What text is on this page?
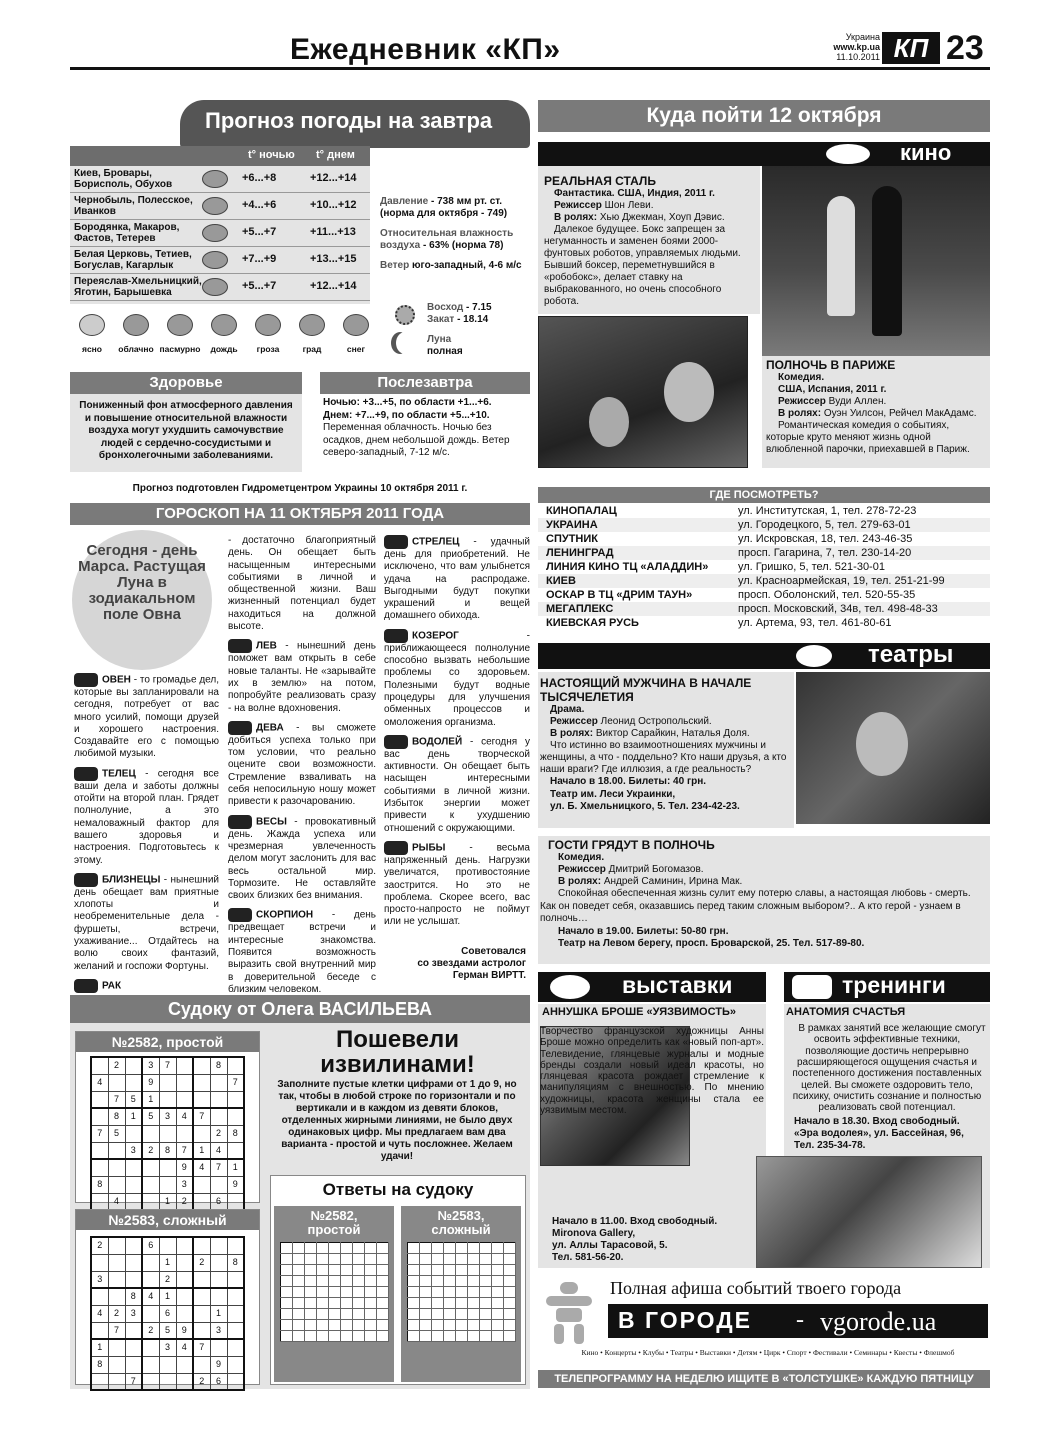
Ежедневник «КП»	Украина
www.kp.ua
11.10.2011 КП 23
Прогноз погоды на завтра
t° ночью t° днем
Киев, Бровары, Борисполь, Обухов
+6...+8	+12...+14
Чернобыль, Полесское, Иванков
+4...+6	+10...+12
Бородянка, Макаров, Фастов, Тетерев
+5...+7	+11...+13
Белая Церковь, Тетиев, Богуслав, Кагарлык
+7...+9	+13...+15
Переяслав-Хмельницкий, Яготин, Барышевка
+5...+7	+12...+14

Давление - 738 мм рт. ст. (норма для октября - 749)

Относительная влажность воздуха - 63% (норма 78)

Ветер юго-западный, 4-6 м/с

Восход - 7.15
Закат - 18.14
Луна
полная
ясно	облачно пасмурно	дождь	гроза	град	снег
Здоровье

Пониженный фон атмосферного давления и повышение относительной влажности воздуха могут ухудшить самочувствие людей с сердечно-сосудистыми и бронхолегочными заболеваниями.

Послезавтра
Ночью: +3...+5, по области +1...+6.
Днем: +7...+9, по области +5...+10.
Переменная облачность. Ночью без осадков, днем небольшой дождь. Ветер северо-западный, 7-12 м/с.
Прогноз подготовлен Гидрометцентром Украины 10 октября 2011 г.
ГОРОСКОП НА 11 ОКТЯБРЯ 2011 ГОДА
Сегодня - день Марса. Растущая Луна в зодиакальном поле Овна

ОВЕН - то громадье дел, которые вы запланировали на сегодня, потребует от вас много усилий, помощи друзей и хорошего настроения. Создавайте его с помощью любимой музыки.

ТЕЛЕЦ - сегодня все ваши дела и заботы должны отойти на второй план. Грядет полнолуние, а это немаловажный фактор для вашего здоровья и настроения. Подготовьтесь к этому.

БЛИЗНЕЦЫ - нынешний день обещает вам приятные хлопоты и необременительные дела - фуршеты, встречи, ухаживание... Отдайтесь на волю своих фантазий, желаний и госпожи Фортуны.

РАК

- достаточно благоприятный день. Он обещает быть насыщенным интересными событиями в личной и общественной жизни. Ваш жизненный потенциал будет находиться на должной высоте.

ЛЕВ - нынешний день поможет вам открыть в себе новые таланты. Не «зарывайте их в землю» на потом, попробуйте реализовать сразу - на волне вдохновения.

ДЕВА - вы сможете добиться успеха только при том условии, что реально оцените свои возможности. Стремление взваливать на себя непосильную ношу может привести к разочарованию.

ВЕСЫ - провокативный день. Жажда успеха или чрезмерная увлеченность делом могут заслонить для вас весь остальной мир. Тормозите. Не оставляйте своих близких без внимания.

СКОРПИОН - день предвещает встречи и интересные знакомства. Появится возможность выразить свой внутренний мир в доверительной беседе с близким человеком.

СТРЕЛЕЦ - удачный день для приобретений. Не исключено, что вам улыбнется удача на распродаже. Выгодными будут покупки украшений и вещей домашнего обихода.

КОЗЕРОГ	- приближающееся полнолуние способно вызвать небольшие проблемы со здоровьем. Полезными будут водные процедуры для улучшения обменных процессов и омоложения организма.

ВОДОЛЕЙ - сегодня у вас день творческой активности. Он обещает быть насыщен интересными событиями в личной жизни. Избыток энергии может привести к ухудшению отношений с окружающими.

РЫБЫ - весьма напряженный день. Нагрузки увеличатся, противостояние заострится. Но это не проблема. Скорее всего, вас просто-напросто не поймут или не услышат.

Советовался
со звездами астролог
Герман ВИРТТ.
Судоку от Олега ВАСИЛЬЕВА
№2582, простой
	2		3	7			8	
4			9					7
	7	5	1					
	8	1	5	3	4	7		
7	5						2	8
		3	2	8	7	1	4	
					9	4	7	1
8					3			9
	4			1	2		6	
№2583, сложный
2			6					
				1		2		8
3				2				
		8	4	1				
4	2	3		6			1	
	7		2	5	9		3	
1				3	4	7		
8							9	
		7				2	6	
Пошевели извилинами!

Заполните пустые клетки цифрами от 1 до 9, но так, чтобы в любой строке по горизонтали и по вертикали и в каждом из девяти блоков, отделенных жирными линиями, не было двух одинаковых цифр. Мы предлагаем вам два варианта - простой и чуть посложнее. Желаем удачи!

Ответы на судоку
№2582, простой

№2583, сложный

Куда пойти 12 октября
кино
РЕАЛЬНАЯ СТАЛЬ
Фантастика. США, Индия, 2011 г.
Режиссер Шон Леви.
В ролях: Хью Джекман, Хоуп Дэвис.

Далекое будущее. Бокс запрещен за негуманность и заменен боями 2000-фунтовых роботов, управляемых людьми. Бывший боксер, переметнувшийся в «робобокс», делает ставку на выбракованного, но очень способного робота.

ПОЛНОЧЬ В ПАРИЖЕ
Комедия.
США, Испания, 2011 г.
Режиссер Вуди Аллен.
В ролях: Оуэн Уилсон, Рейчел МакАдамс.

Романтическая комедия о событиях, которые круто меняют жизнь одной влюбленной парочки, приехавшей в Париж.

ГДЕ ПОСМОТРЕТЬ?
КИНОПАЛАЦ	ул. Институтская, 1, тел. 278-72-23
УКРАИНА	ул. Городецкого, 5, тел. 279-63-01
СПУТНИК	ул. Искровская, 18, тел. 243-46-35
ЛЕНИНГРАД	просп. Гагарина, 7, тел. 230-14-20
ЛИНИЯ КИНО ТЦ «АЛАДДИН»	ул. Гришко, 5, тел. 521-30-01
КИЕВ	ул. Красноармейская, 19, тел. 251-21-99
ОСКАР В ТЦ «ДРИМ ТАУН»	просп. Оболонский, тел. 520-55-35
МЕГАПЛЕКС	просп. Московский, 34в, тел. 498-48-33
КИЕВСКАЯ РУСЬ	ул. Артема, 93, тел. 461-80-61
театры
НАСТОЯЩИЙ МУЖЧИНА В НАЧАЛЕ ТЫСЯЧЕЛЕТИЯ
Драма.
Режиссер Леонид Остропольский.
В ролях: Виктор Сарайкин, Наталья Доля.

Что истинно во взаимоотношениях мужчины и женщины, а что - поддельно? Кто наши друзья, а кто наши враги? Где иллюзия, а где реальность?

Начало в 18.00. Билеты: 40 грн.
Театр им. Леси Украинки,
ул. Б. Хмельницкого, 5. Тел. 234-42-23.
ГОСТИ ГРЯДУТ В ПОЛНОЧЬ
Комедия.
Режиссер Дмитрий Богомазов.
В ролях: Андрей Саминин, Ирина Мак.

Спокойная обеспеченная жизнь сулит ему потерю славы, а настоящая любовь - смерть. Как он поведет себя, оказавшись перед таким сложным выбором?.. А кто герой - узнаем в полночь…

Начало в 19.00. Билеты: 50-80 грн.
Театр на Левом берегу, просп. Броварской, 25. Тел. 517-89-80.
выставки
АННУШКА БРОШЕ «УЯЗВИМОСТЬ»

Творчество французской художницы Анны Броше можно определить как «новый поп-арт». Телевидение, глянцевые журналы и модные бренды создали новый идеал красоты, но глянцевая красота рождает стремление к манипуляциям с внешностью. По мнению художницы, красота женщины стала ее уязвимым местом.

Начало в 11.00. Вход свободный.
Mironova Gallery,
ул. Аллы Тарасовой, 5.
Тел. 581-56-20.
тренинги
АНАТОМИЯ СЧАСТЬЯ

В рамках занятий все желающие смогут освоить эффективные техники, позволяющие достичь непрерывно расширяющегося ощущения счастья и постепенного достижения поставленных целей. Вы сможете оздоровить тело, психику, очистить сознание и полностью реализовать свой потенциал.

Начало в 18.30. Вход свободный.
«Эра водолея», ул. Бассейная, 96,
Тел. 235-34-78.
Полная афиша событий твоего города
В ГОРОДЕ - vgorode.ua
Кино • Концерты • Клубы • Театры • Выставки • Детям • Цирк • Спорт • Фестивали • Семинары • Квесты • Флешмоб
ТЕЛЕПРОГРАММУ НА НЕДЕЛЮ ИЩИТЕ В «ТОЛСТУШКЕ» КАЖДУЮ ПЯТНИЦУ
